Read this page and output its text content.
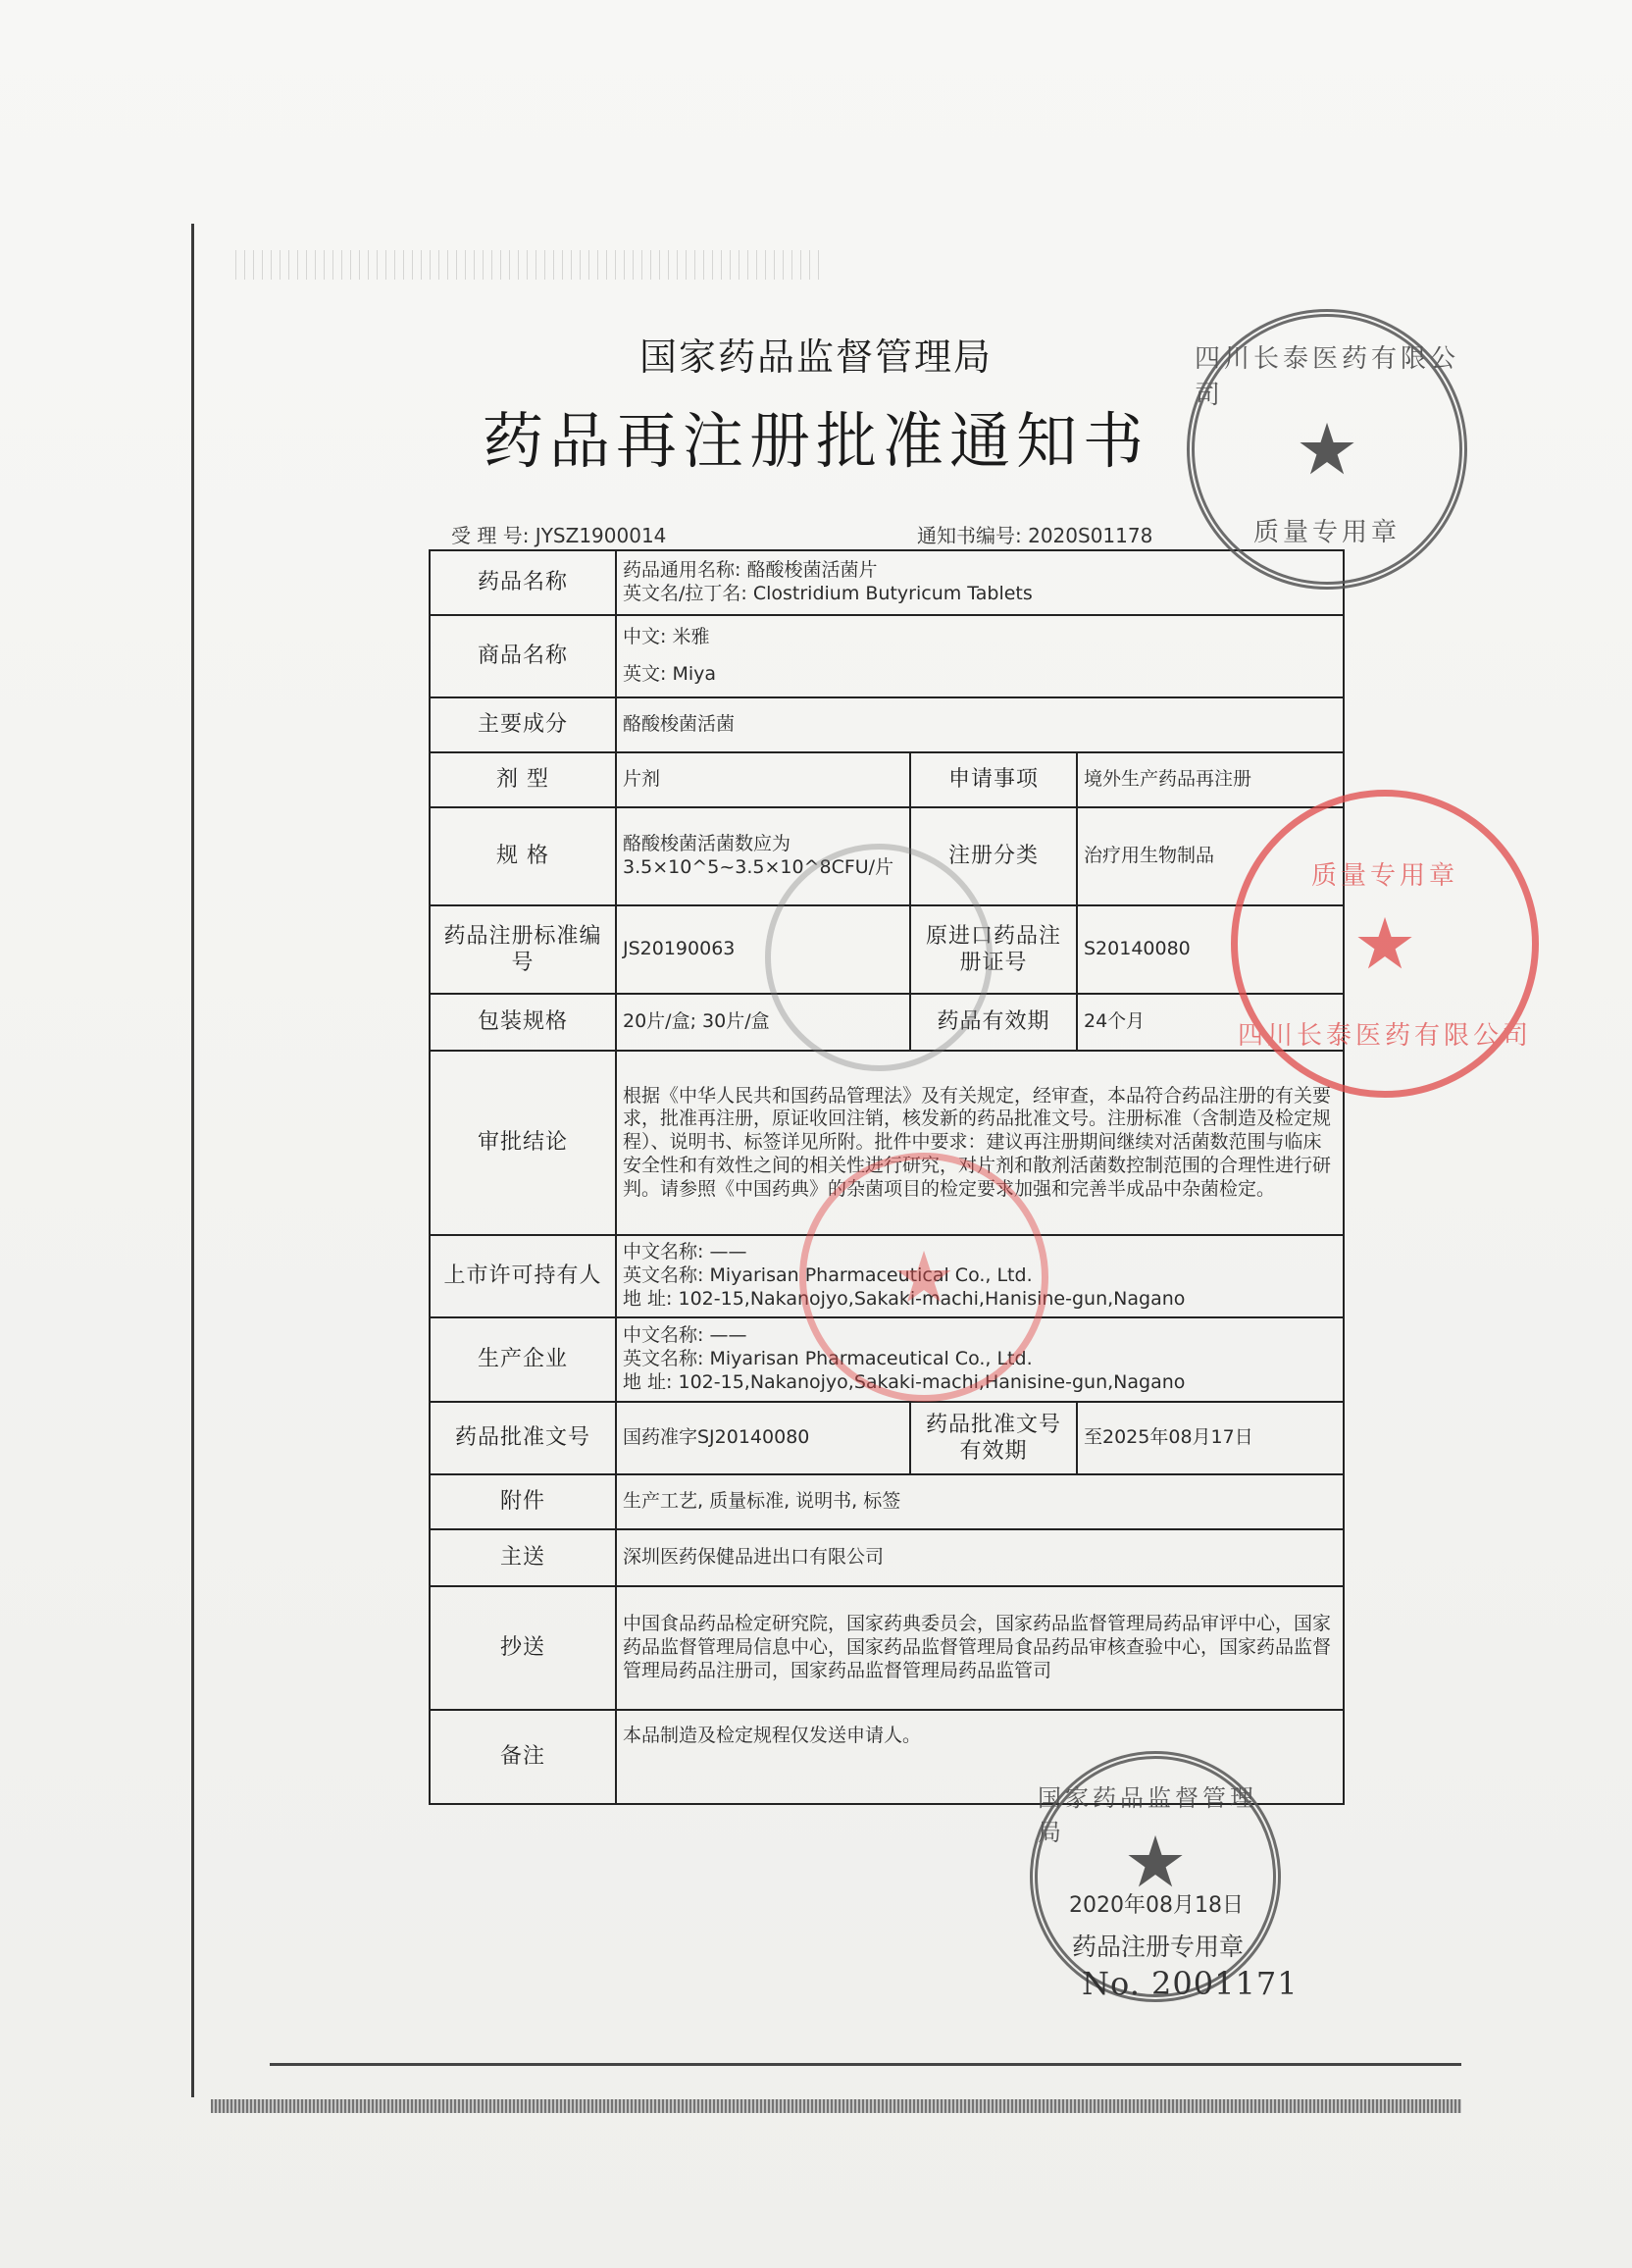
国家药品监督管理局
药品再注册批准通知书
受 理 号: JYSZ1900014	通知书编号: 2020S01178
药品名称	药品通用名称: 酪酸梭菌活菌片
英文名/拉丁名: Clostridium Butyricum Tablets		

商品名称	中文: 米雅
英文: Miya		

主要成分	酪酸梭菌活菌		
剂 型	片剂	申请事项	境外生产药品再注册
规 格	酪酸梭菌活菌数应为3.5×10^5~3.5×10^8CFU/片	注册分类	治疗用生物制品
药品注册标准编号	JS20190063	原进口药品注册证号	S20140080
包装规格	20片/盒; 30片/盒	药品有效期	24个月
审批结论	根据《中华人民共和国药品管理法》及有关规定，经审查，本品符合药品注册的有关要求，批准再注册，原证收回注销，核发新的药品批准文号。注册标准（含制造及检定规程）、说明书、标签详见所附。批件中要求：建议再注册期间继续对活菌数范围与临床安全性和有效性之间的相关性进行研究，对片剂和散剂活菌数控制范围的合理性进行研判。请参照《中国药典》的杂菌项目的检定要求加强和完善半成品中杂菌检定。		
上市许可持有人	中文名称: ——
英文名称: Miyarisan Pharmaceutical Co., Ltd.
地 址: 102-15,Nakanojyo,Sakaki-machi,Hanisine-gun,Nagano		

生产企业	中文名称: ——
英文名称: Miyarisan Pharmaceutical Co., Ltd.
地 址: 102-15,Nakanojyo,Sakaki-machi,Hanisine-gun,Nagano		

药品批准文号	国药准字SJ20140080	药品批准文号有效期	至2025年08月17日
附件	生产工艺, 质量标准, 说明书, 标签		
主送	深圳医药保健品进出口有限公司		
抄送	中国食品药品检定研究院，国家药典委员会，国家药品监督管理局药品审评中心，国家药品监督管理局信息中心，国家药品监督管理局食品药品审核查验中心，国家药品监督管理局药品注册司，国家药品监督管理局药品监管司		
备注	本品制造及检定规程仅发送申请人。		
★
四川长泰医药有限公司
★
质量专用章
质量专用章
★
四川长泰医药有限公司
国家药品监督管理局 ★
2020年08月18日
药品注册专用章
No. 2001171
